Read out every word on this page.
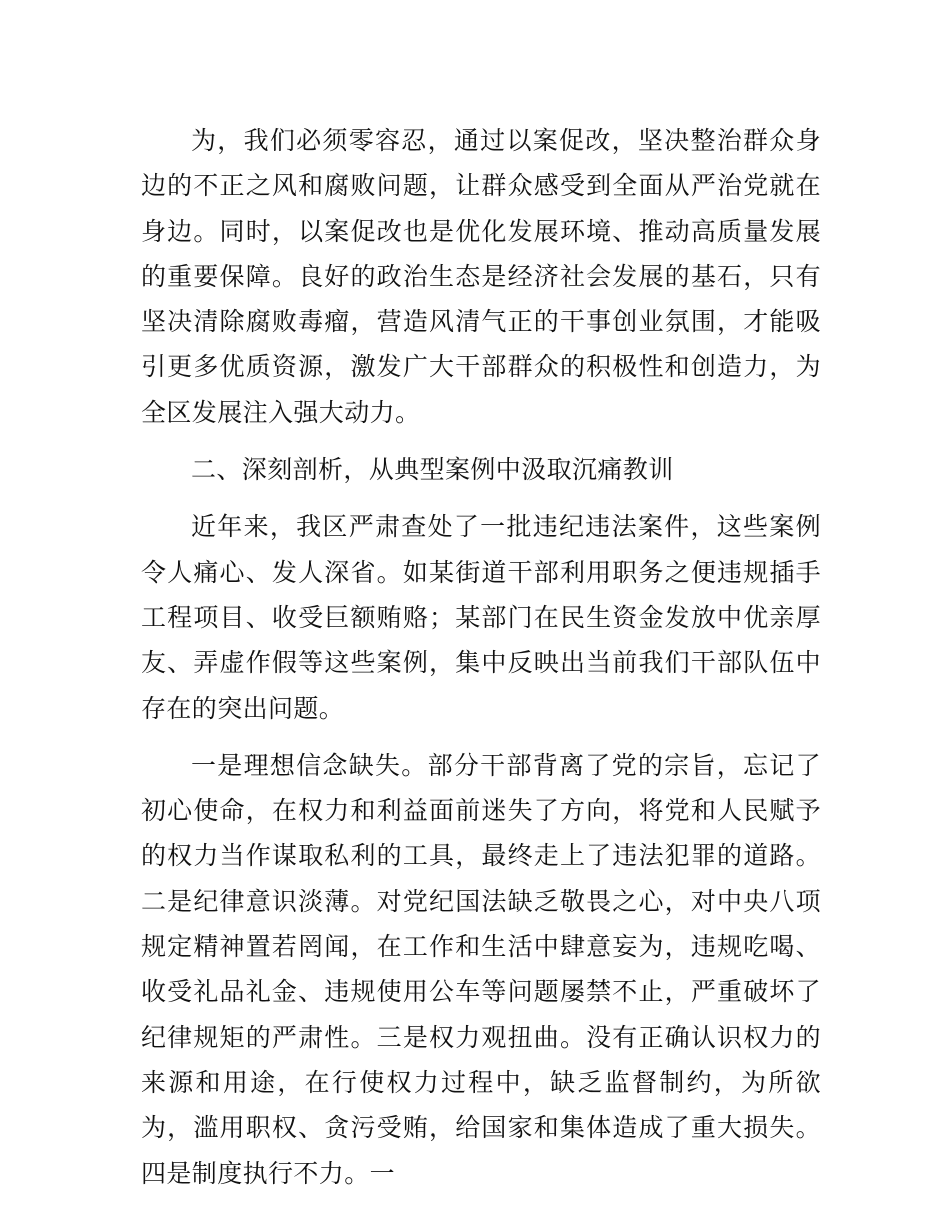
为，我们必须零容忍，通过以案促改，坚决整治群众身边的不正之风和腐败问题，让群众感受到全面从严治党就在身边。同时，以案促改也是优化发展环境、推动高质量发展的重要保障。良好的政治生态是经济社会发展的基石，只有坚决清除腐败毒瘤，营造风清气正的干事创业氛围，才能吸引更多优质资源，激发广大干部群众的积极性和创造力，为全区发展注入强大动力。

二、深刻剖析，从典型案例中汲取沉痛教训

近年来，我区严肃查处了一批违纪违法案件，这些案例令人痛心、发人深省。如某街道干部利用职务之便违规插手工程项目、收受巨额贿赂；某部门在民生资金发放中优亲厚友、弄虚作假等这些案例，集中反映出当前我们干部队伍中存在的突出问题。

一是理想信念缺失。部分干部背离了党的宗旨，忘记了初心使命，在权力和利益面前迷失了方向，将党和人民赋予的权力当作谋取私利的工具，最终走上了违法犯罪的道路。二是纪律意识淡薄。对党纪国法缺乏敬畏之心，对中央八项规定精神置若罔闻，在工作和生活中肆意妄为，违规吃喝、收受礼品礼金、违规使用公车等问题屡禁不止，严重破坏了纪律规矩的严肃性。三是权力观扭曲。没有正确认识权力的来源和用途，在行使权力过程中，缺乏监督制约，为所欲为，滥用职权、贪污受贿，给国家和集体造成了重大损失。四是制度执行不力。一
